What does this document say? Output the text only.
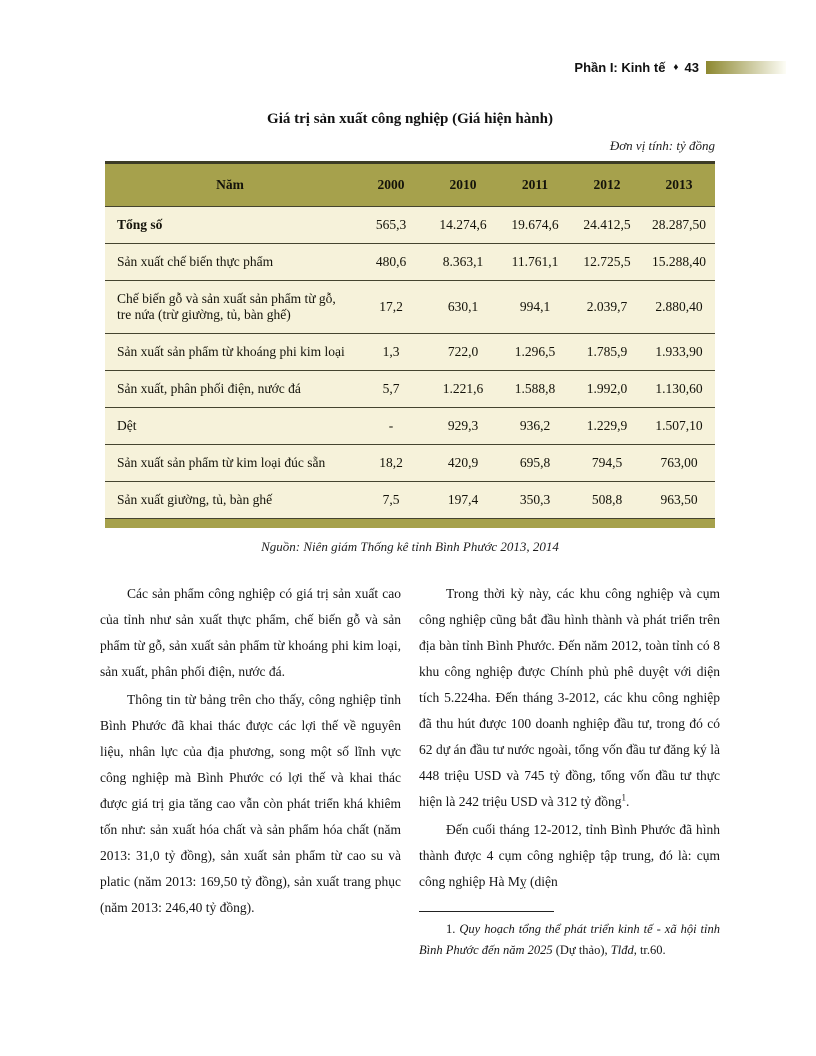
Phần I: Kinh tế ♦ 43
Giá trị sản xuất công nghiệp (Giá hiện hành)
Đơn vị tính: tỷ đồng
Năm	2000	2010	2011	2012	2013
Tổng số	565,3	14.274,6	19.674,6	24.412,5	28.287,50
Sản xuất chế biến thực phẩm	480,6	8.363,1	11.761,1	12.725,5	15.288,40
Chế biến gỗ và sản xuất sản phẩm từ gỗ, tre nứa (trừ giường, tủ, bàn ghế)	17,2	630,1	994,1	2.039,7	2.880,40
Sản xuất sản phẩm từ khoáng phi kim loại	1,3	722,0	1.296,5	1.785,9	1.933,90
Sản xuất, phân phối điện, nước đá	5,7	1.221,6	1.588,8	1.992,0	1.130,60
Dệt	-	929,3	936,2	1.229,9	1.507,10
Sản xuất sản phẩm từ kim loại đúc sẵn	18,2	420,9	695,8	794,5	763,00
Sản xuất giường, tủ, bàn ghế	7,5	197,4	350,3	508,8	963,50
Nguồn: Niên giám Thống kê tỉnh Bình Phước 2013, 2014

Các sản phẩm công nghiệp có giá trị sản xuất cao của tỉnh như sản xuất thực phẩm, chế biến gỗ và sản phẩm từ gỗ, sản xuất sản phẩm từ khoáng phi kim loại, sản xuất, phân phối điện, nước đá.

Thông tin từ bảng trên cho thấy, công nghiệp tỉnh Bình Phước đã khai thác được các lợi thế về nguyên liệu, nhân lực của địa phương, song một số lĩnh vực công nghiệp mà Bình Phước có lợi thế và khai thác được giá trị gia tăng cao vẫn còn phát triển khá khiêm tốn như: sản xuất hóa chất và sản phẩm hóa chất (năm 2013: 31,0 tỷ đồng), sản xuất sản phẩm từ cao su và platic (năm 2013: 169,50 tỷ đồng), sản xuất trang phục (năm 2013: 246,40 tỷ đồng).

Trong thời kỳ này, các khu công nghiệp và cụm công nghiệp cũng bắt đầu hình thành và phát triển trên địa bàn tỉnh Bình Phước. Đến năm 2012, toàn tỉnh có 8 khu công nghiệp được Chính phủ phê duyệt với diện tích 5.224ha. Đến tháng 3-2012, các khu công nghiệp đã thu hút được 100 doanh nghiệp đầu tư, trong đó có 62 dự án đầu tư nước ngoài, tổng vốn đầu tư đăng ký là 448 triệu USD và 745 tỷ đồng, tổng vốn đầu tư thực hiện là 242 triệu USD và 312 tỷ đồng$^1$.

Đến cuối tháng 12-2012, tỉnh Bình Phước đã hình thành được 4 cụm công nghiệp tập trung, đó là: cụm công nghiệp Hà Mỵ (diện

1. Quy hoạch tổng thể phát triển kinh tế - xã hội tỉnh Bình Phước đến năm 2025 (Dự thảo), Tlđd, tr.60.
